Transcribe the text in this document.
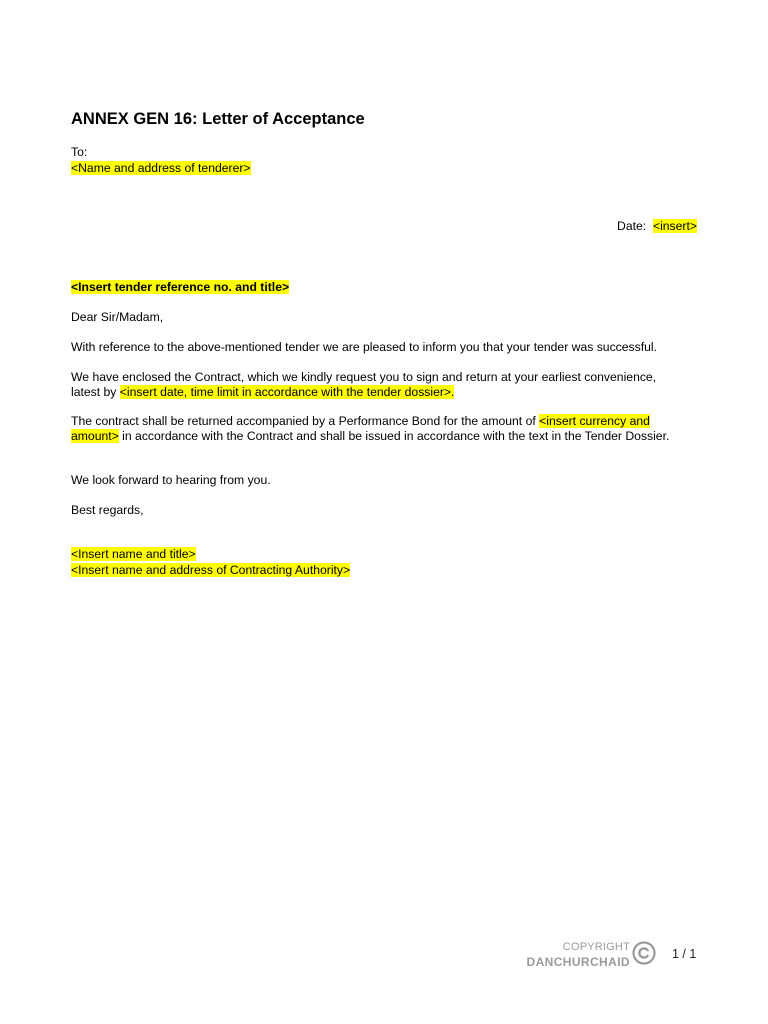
ANNEX GEN 16: Letter of Acceptance
To:
<Name and address of tenderer>
Date: <insert>
<Insert tender reference no. and title>
Dear Sir/Madam,
With reference to the above-mentioned tender we are pleased to inform you that your tender was successful.
We have enclosed the Contract, which we kindly request you to sign and return at your earliest convenience,
latest by <insert date, time limit in accordance with the tender dossier>.
The contract shall be returned accompanied by a Performance Bond for the amount of <insert currency and
amount> in accordance with the Contract and shall be issued in accordance with the text in the Tender Dossier.
We look forward to hearing from you.
Best regards,
<Insert name and title>
<Insert name and address of Contracting Authority>
COPYRIGHT
DANCHURCHAID
1 / 1
